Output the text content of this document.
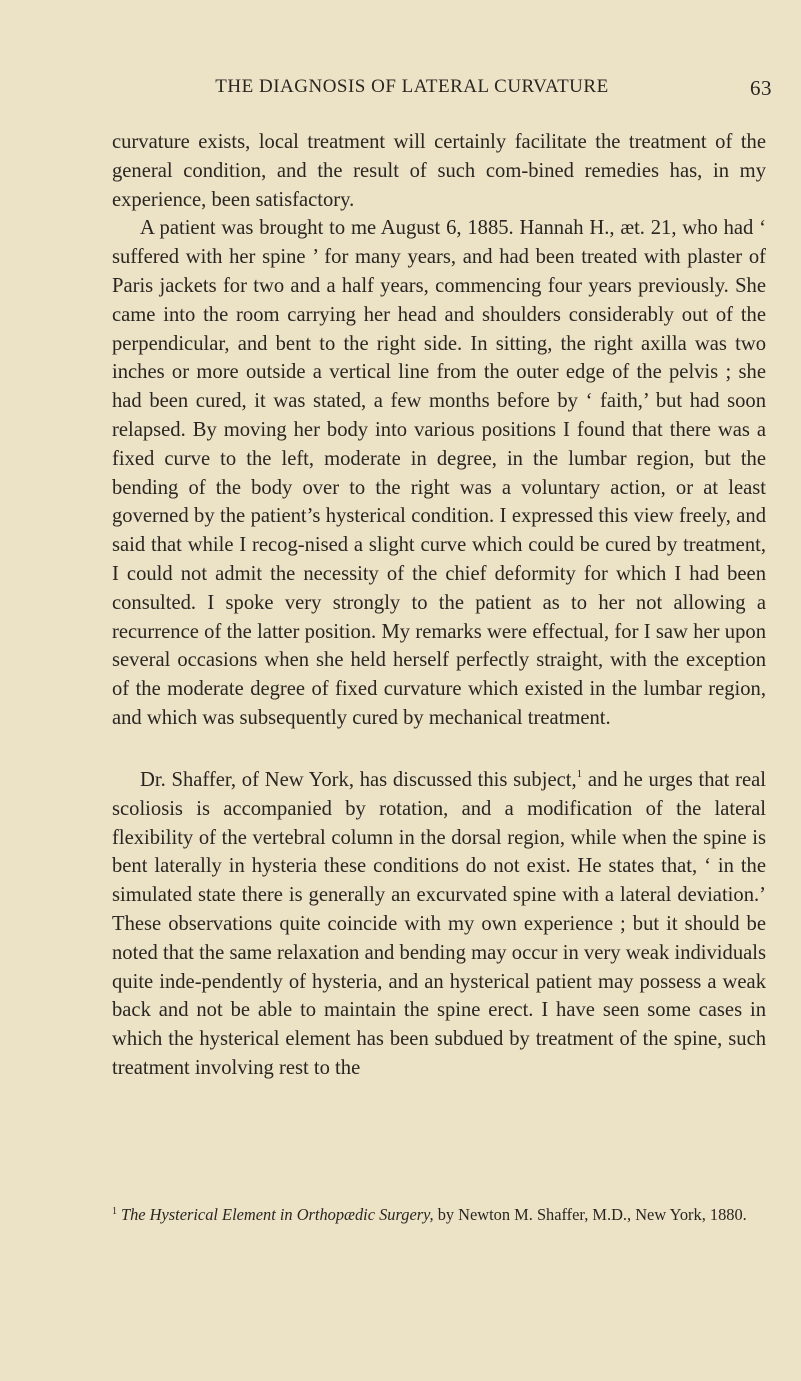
THE DIAGNOSIS OF LATERAL CURVATURE	63

curvature exists, local treatment will certainly facilitate the treatment of the general condition, and the result of such com-bined remedies has, in my experience, been satisfactory.

A patient was brought to me August 6, 1885. Hannah H., æt. 21, who had ‘ suffered with her spine ’ for many years, and had been treated with plaster of Paris jackets for two and a half years, commencing four years previously. She came into the room carrying her head and shoulders considerably out of the perpendicular, and bent to the right side. In sitting, the right axilla was two inches or more outside a vertical line from the outer edge of the pelvis ; she had been cured, it was stated, a few months before by ‘ faith,’ but had soon relapsed. By moving her body into various positions I found that there was a fixed curve to the left, moderate in degree, in the lumbar region, but the bending of the body over to the right was a voluntary action, or at least governed by the patient’s hysterical condition. I expressed this view freely, and said that while I recog-nised a slight curve which could be cured by treatment, I could not admit the necessity of the chief deformity for which I had been consulted. I spoke very strongly to the patient as to her not allowing a recurrence of the latter position. My remarks were effectual, for I saw her upon several occasions when she held herself perfectly straight, with the exception of the moderate degree of fixed curvature which existed in the lumbar region, and which was subsequently cured by mechanical treatment.

Dr. Shaffer, of New York, has discussed this subject,$^1$ and he urges that real scoliosis is accompanied by rotation, and a modification of the lateral flexibility of the vertebral column in the dorsal region, while when the spine is bent laterally in hysteria these conditions do not exist. He states that, ‘ in the simulated state there is generally an excurvated spine with a lateral deviation.’ These observations quite coincide with my own experience ; but it should be noted that the same relaxation and bending may occur in very weak individuals quite inde-pendently of hysteria, and an hysterical patient may possess a weak back and not be able to maintain the spine erect. I have seen some cases in which the hysterical element has been subdued by treatment of the spine, such treatment involving rest to the

$^1$ The Hysterical Element in Orthopædic Surgery, by Newton M. Shaffer, M.D., New York, 1880.
